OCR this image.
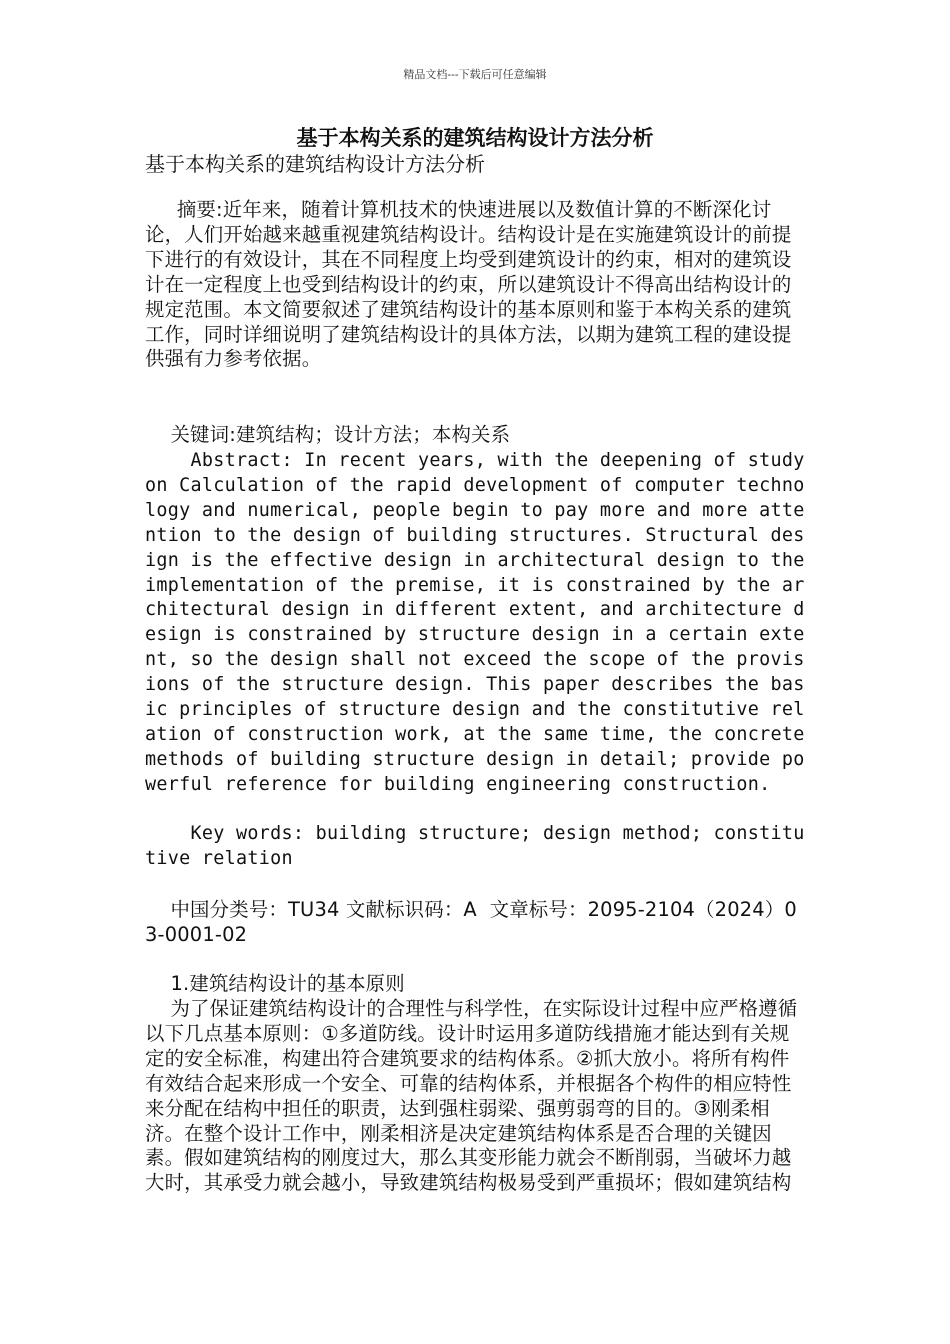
精品文档---下载后可任意编辑
基于本构关系的建筑结构设计方法分析
基于本构关系的建筑结构设计方法分析
摘要:近年来，随着计算机技术的快速进展以及数值计算的不断深化讨论，人们开始越来越重视建筑结构设计。结构设计是在实施建筑设计的前提下进行的有效设计，其在不同程度上均受到建筑设计的约束，相对的建筑设计在一定程度上也受到结构设计的约束，所以建筑设计不得高出结构设计的规定范围。本文简要叙述了建筑结构设计的基本原则和鉴于本构关系的建筑工作，同时详细说明了建筑结构设计的具体方法，以期为建筑工程的建设提供强有力参考依据。
关键词:建筑结构；设计方法；本构关系
Abstract: In recent years, with the deepening of study on Calculation of the rapid development of computer technology and numerical, people begin to pay more and more attention to the design of building structures. Structural design is the effective design in architectural design to the implementation of the premise, it is constrained by the architectural design in different extent, and architecture design is constrained by structure design in a certain extent, so the design shall not exceed the scope of the provisions of the structure design. This paper describes the basic principles of structure design and the constitutive relation of construction work, at the same time, the concrete methods of building structure design in detail; provide powerful reference for building engineering construction.
Key words: building structure; design method; constitutive relation
中国分类号：TU34 文献标识码：A  文章标号：2095-2104（2024）03-0001-02
1.建筑结构设计的基本原则
为了保证建筑结构设计的合理性与科学性，在实际设计过程中应严格遵循以下几点基本原则：①多道防线。设计时运用多道防线措施才能达到有关规定的安全标准，构建出符合建筑要求的结构体系。②抓大放小。将所有构件有效结合起来形成一个安全、可靠的结构体系，并根据各个构件的相应特性来分配在结构中担任的职责，达到强柱弱梁、强剪弱弯的目的。③刚柔相济。在整个设计工作中，刚柔相济是决定建筑结构体系是否合理的关键因素。假如建筑结构的刚度过大，那么其变形能力就会不断削弱，当破坏力越大时，其承受力就会越小，导致建筑结构极易受到严重损坏；假如建筑结构
